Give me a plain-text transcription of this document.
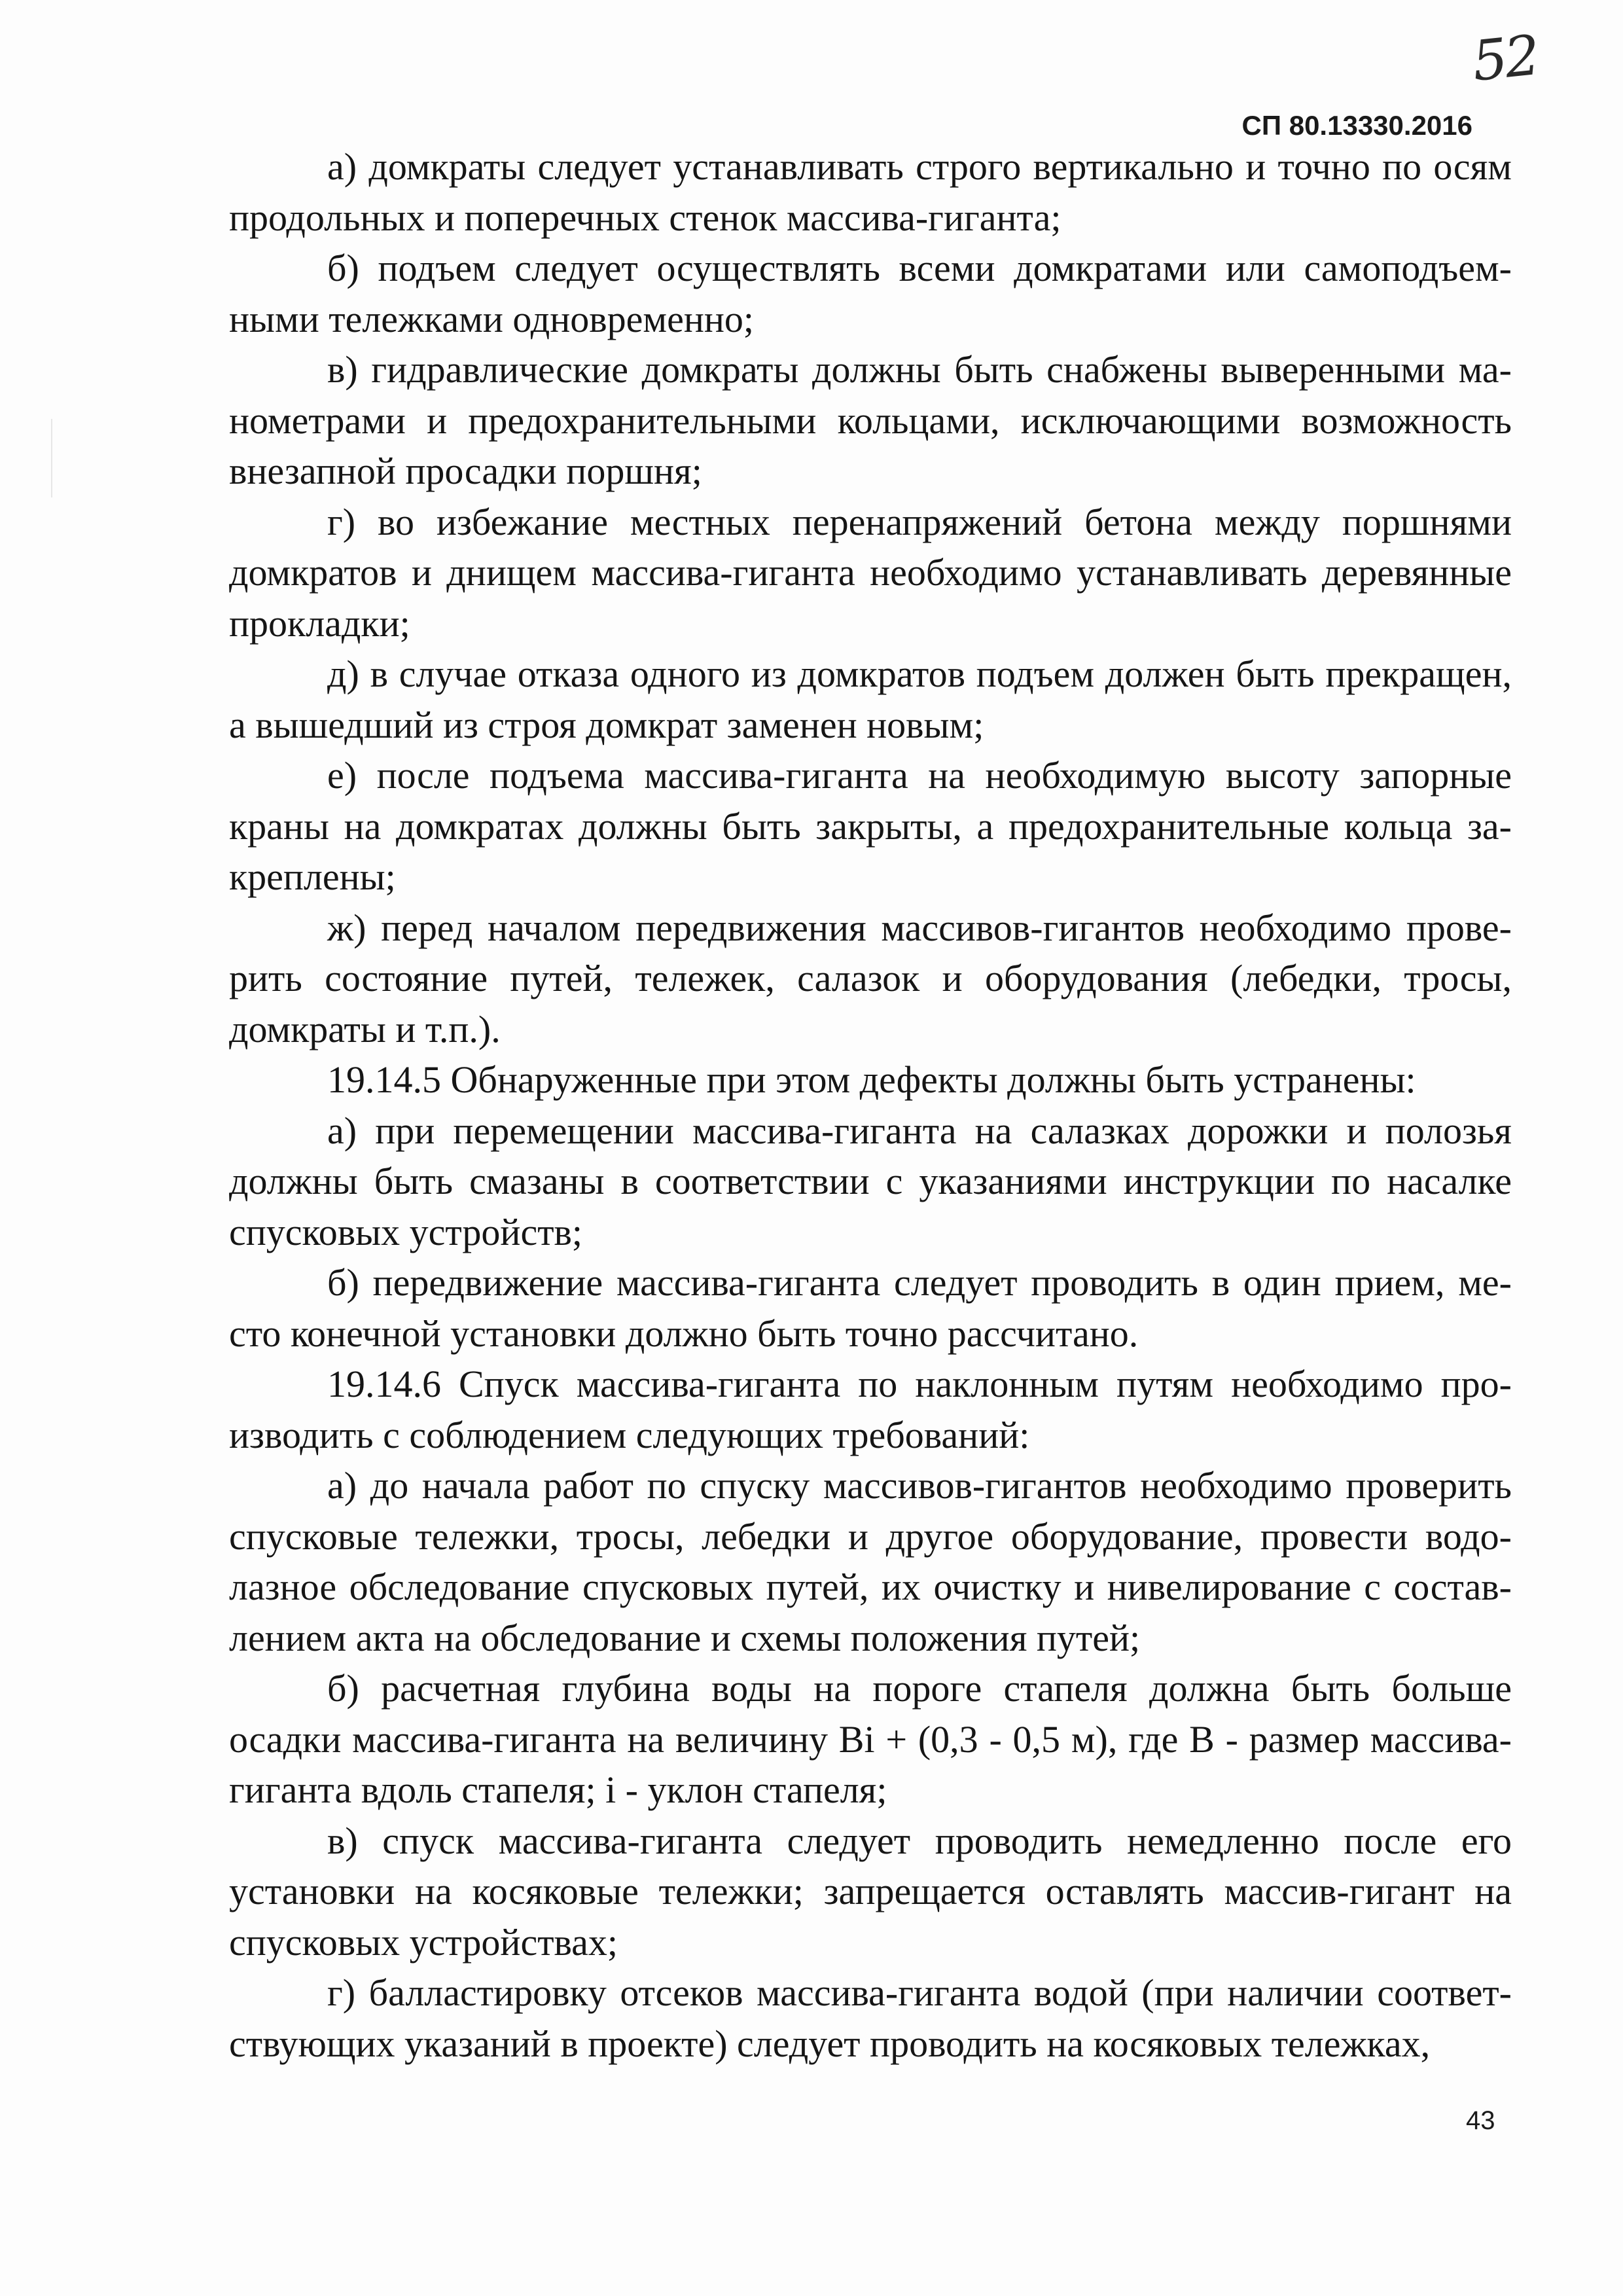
52
СП 80.13330.2016

а) домкраты следует устанавливать строго вертикально и точно по осям продольных и поперечных стенок массива-гиганта;

б) подъем следует осуществлять всеми домкратами или самоподъемными тележками одновременно;

в) гидравлические домкраты должны быть снабжены выверенными манометрами и предохранительными кольцами, исключающими возможность внезапной просадки поршня;

г) во избежание местных перенапряжений бетона между поршнями домкратов и днищем массива-гиганта необходимо устанавливать деревянные прокладки;

д) в случае отказа одного из домкратов подъем должен быть прекращен, а вышедший из строя домкрат заменен новым;

е) после подъема массива-гиганта на необходимую высоту запорные краны на домкратах должны быть закрыты, а предохранительные кольца закреплены;

ж) перед началом передвижения массивов-гигантов необходимо проверить состояние путей, тележек, салазок и оборудования (лебедки, тросы, домкраты и т.п.).

19.14.5 Обнаруженные при этом дефекты должны быть устранены:

а) при перемещении массива-гиганта на салазках дорожки и полозья должны быть смазаны в соответствии с указаниями инструкции по насалке спусковых устройств;

б) передвижение массива-гиганта следует проводить в один прием, место конечной установки должно быть точно рассчитано.

19.14.6 Спуск массива-гиганта по наклонным путям необходимо производить с соблюдением следующих требований:

а) до начала работ по спуску массивов-гигантов необходимо проверить спусковые тележки, тросы, лебедки и другое оборудование, провести водолазное обследование спусковых путей, их очистку и нивелирование с составлением акта на обследование и схемы положения путей;

б) расчетная глубина воды на пороге стапеля должна быть больше осадки массива-гиганта на величину Bi + (0,3 - 0,5 м), где B - размер массива-гиганта вдоль стапеля; i - уклон стапеля;

в) спуск массива-гиганта следует проводить немедленно после его установки на косяковые тележки; запрещается оставлять массив-гигант на спусковых устройствах;

г) балластировку отсеков массива-гиганта водой (при наличии соответствующих указаний в проекте) следует проводить на косяковых тележках,

43
